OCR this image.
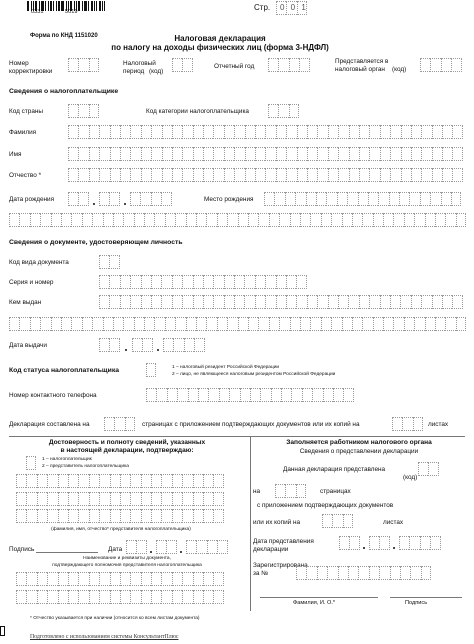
0331	5019	Стр. 0 0 1
Форма по КНД 1151020	Налоговая декларация
по налогу на доходы физических лиц (форма 3-НДФЛ)
Номер
корректировки
Налоговый
период (код)
Отчетный год
Представляется в
налоговый орган (код)
Сведения о налогоплательщике
Код страны	Код категории налогоплательщика
Фамилия
Имя
Отчество *
Дата рождения	Место рождения
Сведения о документе, удостоверяющем личность
Код вида документа
Серия и номер
Кем выдан
Дата выдачи
Код статуса налогоплательщика	1 – налоговый резидент Российской Федерации
2 – лицо, не являющееся налоговым резидентом Российской Федерации
Номер контактного телефона
Декларация составлена на	страницах с приложением подтверждающих документов или их копий на	листах
Достоверность и полноту сведений, указанных
в настоящей декларации, подтверждаю:
1 – налогоплательщик
2 – представитель налогоплательщика
(фамилия, имя, отчество* представителя налогоплательщика)
Подпись	Дата
Наименование и реквизиты документа,
подтверждающего полномочия представителя налогоплательщика
Заполняется работником налогового органа
Сведения о представлении декларации
Данная декларация представлена
(код)
на	страницах
с приложением подтверждающих документов
или их копий на	листах
Дата представления
декларации
Зарегистрирована
за №
Фамилия, И. О.*	Подпись
* Отчество указывается при наличии (относится ко всем листам документа)
Подготовлено с использованием системы КонсультантПлюс
